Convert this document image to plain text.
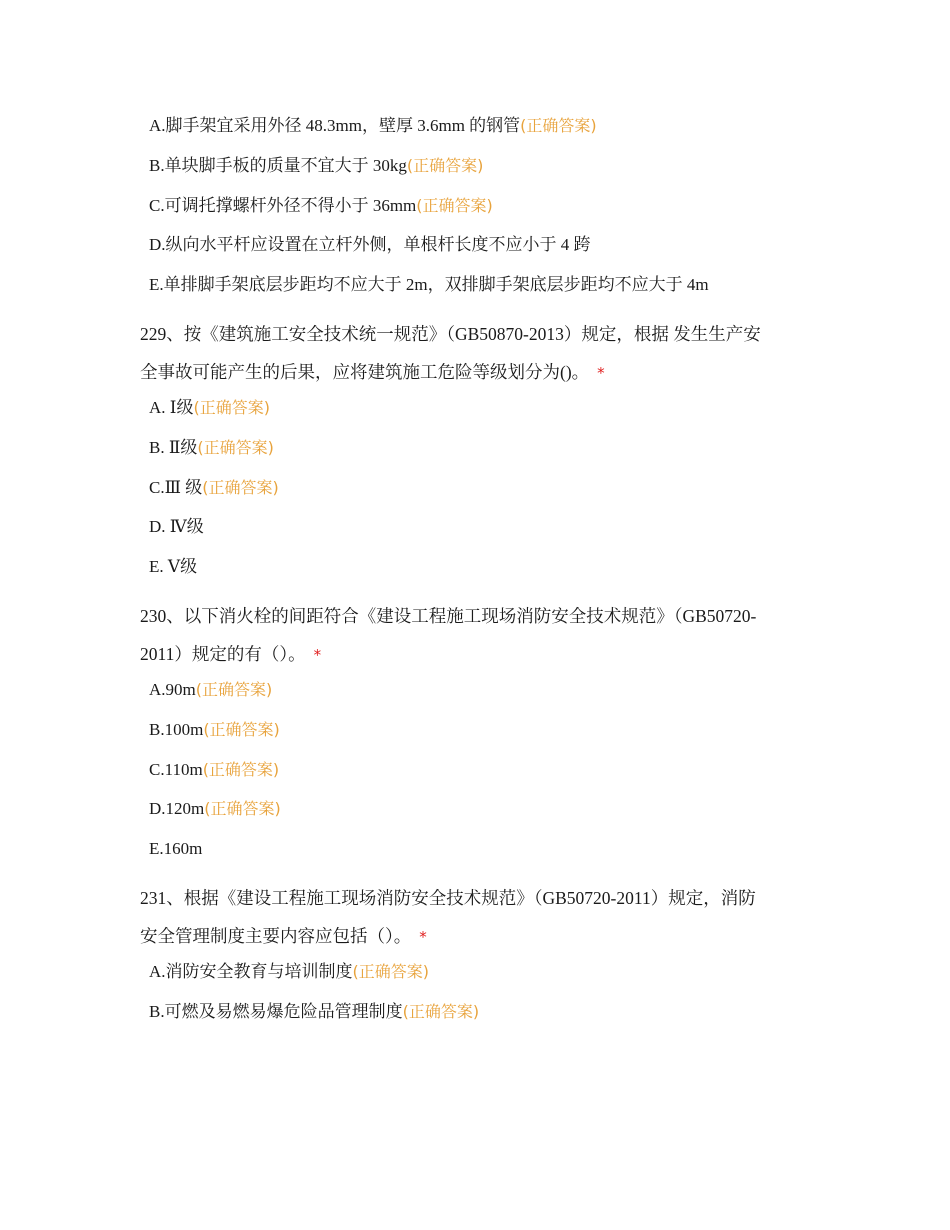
A.脚手架宜采用外径 48.3mm，壁厚 3.6mm 的钢管(正确答案)
B.单块脚手板的质量不宜大于 30kg(正确答案)
C.可调托撑螺杆外径不得小于 36mm(正确答案)
D.纵向水平杆应设置在立杆外侧，单根杆长度不应小于 4 跨
E.单排脚手架底层步距均不应大于 2m，双排脚手架底层步距均不应大于 4m
229、按《建筑施工安全技术统一规范》（GB50870-2013）规定，根据 发生生产安
全事故可能产生的后果，应将建筑施工危险等级划分为()。 *
A. Ⅰ级(正确答案)
B. Ⅱ级(正确答案)
C.Ⅲ 级(正确答案)
D. Ⅳ级
E. Ⅴ级
230、以下消火栓的间距符合《建设工程施工现场消防安全技术规范》（GB50720-
2011）规定的有（）。 *
A.90m(正确答案)
B.100m(正确答案)
C.110m(正确答案)
D.120m(正确答案)
E.160m
231、根据《建设工程施工现场消防安全技术规范》（GB50720-2011）规定，消防
安全管理制度主要内容应包括（）。 *
A.消防安全教育与培训制度(正确答案)
B.可燃及易燃易爆危险品管理制度(正确答案)
